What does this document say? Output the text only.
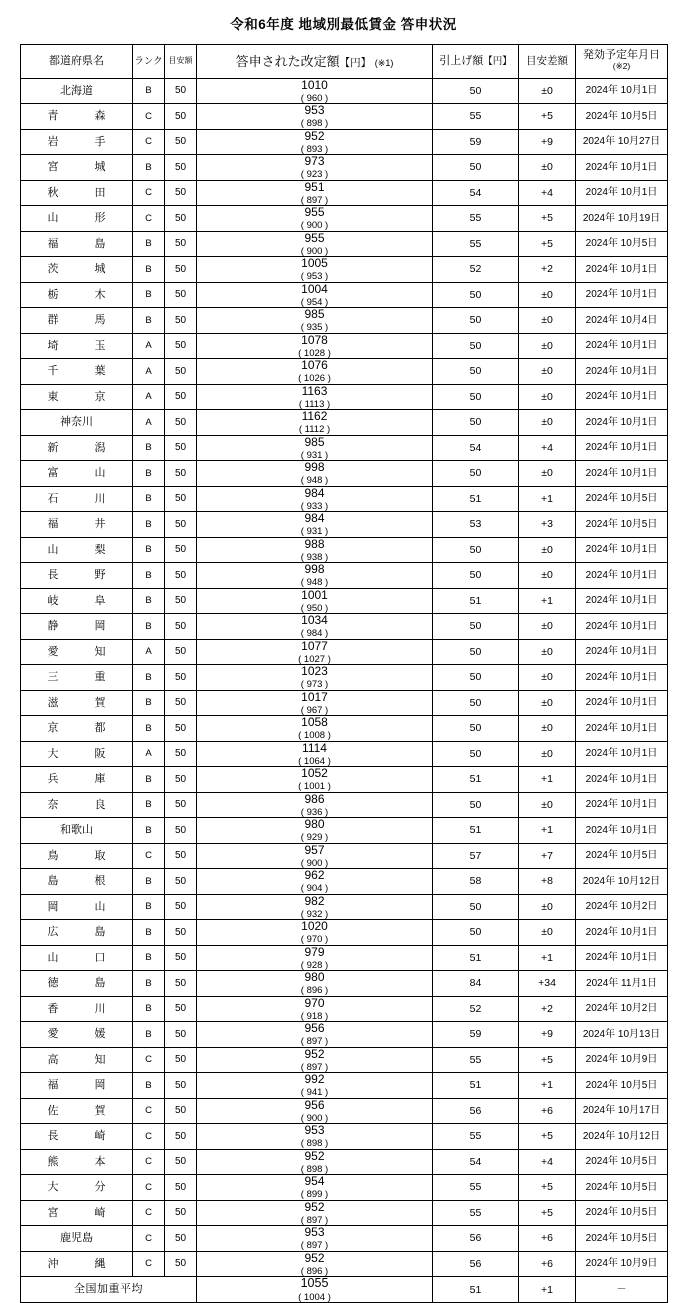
令和6年度 地域別最低賃金 答申状況
都道府県名	ランク	目安額	答申された改定額【円】 (※1)	引上げ額【円】	目安差額	発効予定年月日 (※2)
北海道	B	50	1010( 960 )	50	±0	2024年 10月1日
青森	C	50	953( 898 )	55	+5	2024年 10月5日
岩手	C	50	952( 893 )	59	+9	2024年 10月27日
宮城	B	50	973( 923 )	50	±0	2024年 10月1日
秋田	C	50	951( 897 )	54	+4	2024年 10月1日
山形	C	50	955( 900 )	55	+5	2024年 10月19日
福島	B	50	955( 900 )	55	+5	2024年 10月5日
茨城	B	50	1005( 953 )	52	+2	2024年 10月1日
栃木	B	50	1004( 954 )	50	±0	2024年 10月1日
群馬	B	50	985( 935 )	50	±0	2024年 10月4日
埼玉	A	50	1078( 1028 )	50	±0	2024年 10月1日
千葉	A	50	1076( 1026 )	50	±0	2024年 10月1日
東京	A	50	1163( 1113 )	50	±0	2024年 10月1日
神奈川	A	50	1162( 1112 )	50	±0	2024年 10月1日
新潟	B	50	985( 931 )	54	+4	2024年 10月1日
富山	B	50	998( 948 )	50	±0	2024年 10月1日
石川	B	50	984( 933 )	51	+1	2024年 10月5日
福井	B	50	984( 931 )	53	+3	2024年 10月5日
山梨	B	50	988( 938 )	50	±0	2024年 10月1日
長野	B	50	998( 948 )	50	±0	2024年 10月1日
岐阜	B	50	1001( 950 )	51	+1	2024年 10月1日
静岡	B	50	1034( 984 )	50	±0	2024年 10月1日
愛知	A	50	1077( 1027 )	50	±0	2024年 10月1日
三重	B	50	1023( 973 )	50	±0	2024年 10月1日
滋賀	B	50	1017( 967 )	50	±0	2024年 10月1日
京都	B	50	1058( 1008 )	50	±0	2024年 10月1日
大阪	A	50	1114( 1064 )	50	±0	2024年 10月1日
兵庫	B	50	1052( 1001 )	51	+1	2024年 10月1日
奈良	B	50	986( 936 )	50	±0	2024年 10月1日
和歌山	B	50	980( 929 )	51	+1	2024年 10月1日
鳥取	C	50	957( 900 )	57	+7	2024年 10月5日
島根	B	50	962( 904 )	58	+8	2024年 10月12日
岡山	B	50	982( 932 )	50	±0	2024年 10月2日
広島	B	50	1020( 970 )	50	±0	2024年 10月1日
山口	B	50	979( 928 )	51	+1	2024年 10月1日
徳島	B	50	980( 896 )	84	+34	2024年 11月1日
香川	B	50	970( 918 )	52	+2	2024年 10月2日
愛媛	B	50	956( 897 )	59	+9	2024年 10月13日
高知	C	50	952( 897 )	55	+5	2024年 10月9日
福岡	B	50	992( 941 )	51	+1	2024年 10月5日
佐賀	C	50	956( 900 )	56	+6	2024年 10月17日
長崎	C	50	953( 898 )	55	+5	2024年 10月12日
熊本	C	50	952( 898 )	54	+4	2024年 10月5日
大分	C	50	954( 899 )	55	+5	2024年 10月5日
宮崎	C	50	952( 897 )	55	+5	2024年 10月5日
鹿児島	C	50	953( 897 )	56	+6	2024年 10月5日
沖縄	C	50	952( 896 )	56	+6	2024年 10月9日
全国加重平均			1055( 1004 )	51	+1	－
